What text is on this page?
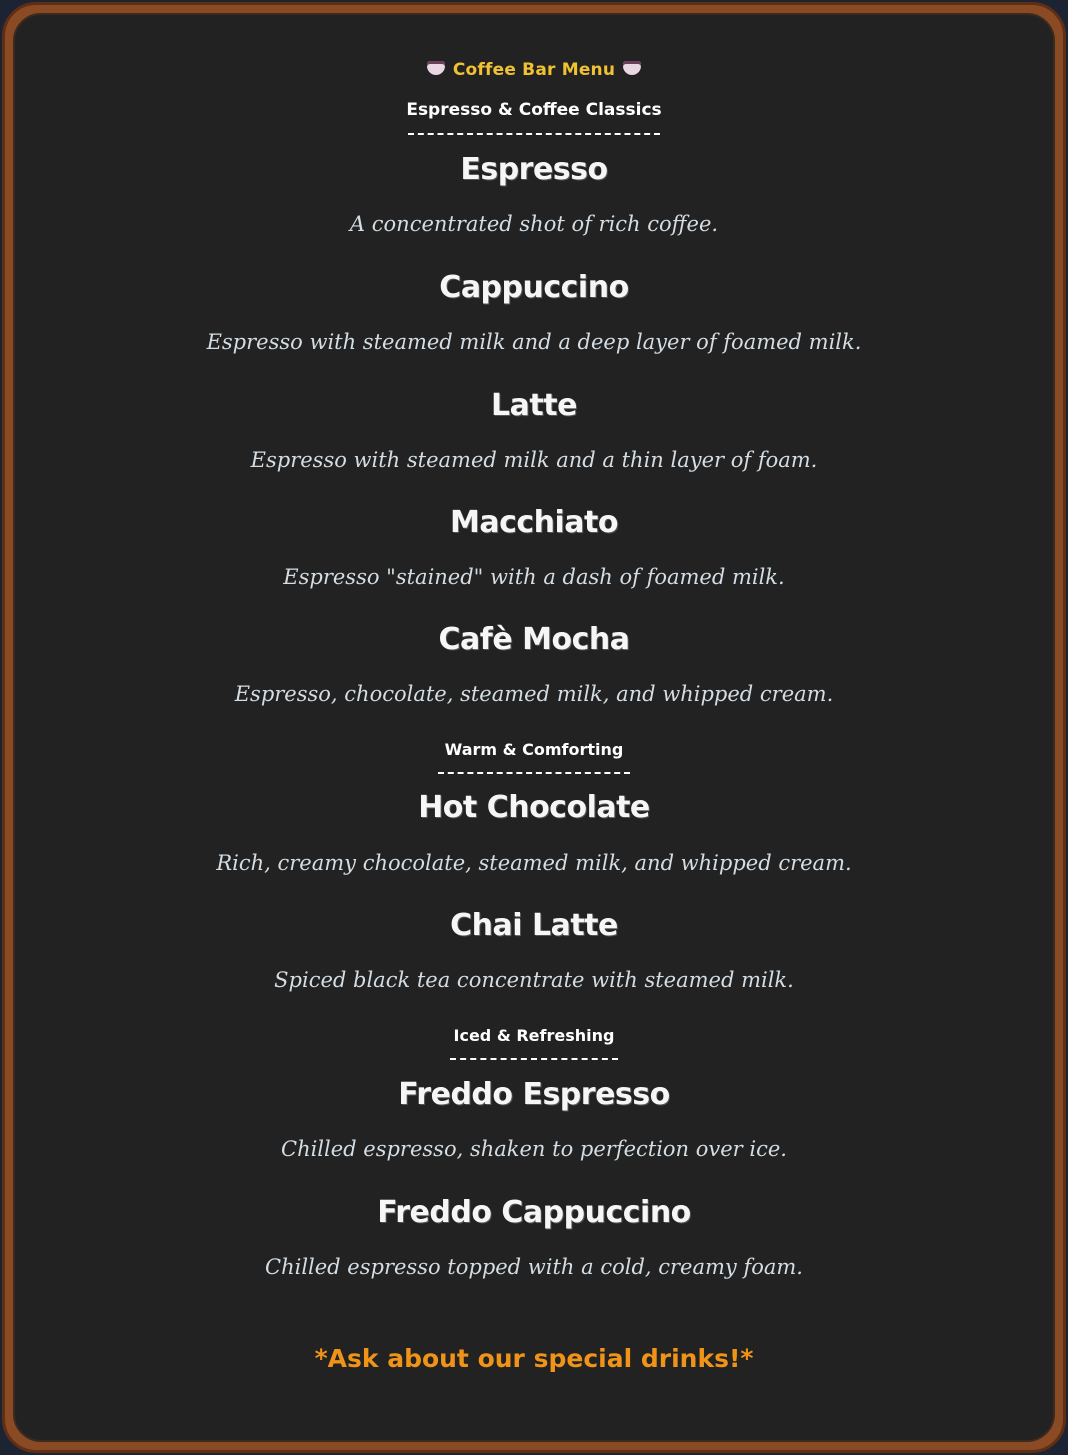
Coffee Bar Menu
Espresso & Coffee Classics
Espresso
A concentrated shot of rich coffee.
Cappuccino
Espresso with steamed milk and a deep layer of foamed milk.
Latte
Espresso with steamed milk and a thin layer of foam.
Macchiato
Espresso "stained" with a dash of foamed milk.
Cafè Mocha
Espresso, chocolate, steamed milk, and whipped cream.
Warm & Comforting
Hot Chocolate
Rich, creamy chocolate, steamed milk, and whipped cream.
Chai Latte
Spiced black tea concentrate with steamed milk.
Iced & Refreshing
Freddo Espresso
Chilled espresso, shaken to perfection over ice.
Freddo Cappuccino
Chilled espresso topped with a cold, creamy foam.
*Ask about our special drinks!*
